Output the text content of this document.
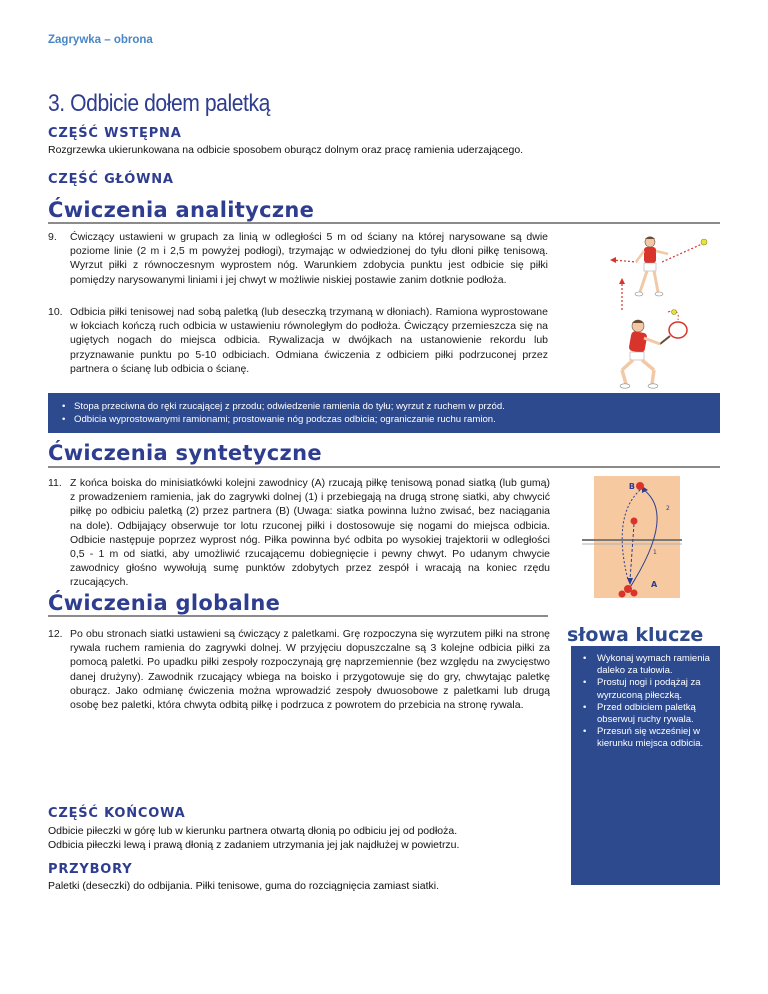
Zagrywka – obrona
3. Odbicie dołem paletką
CZĘŚĆ WSTĘPNA
Rozgrzewka ukierunkowana na odbicie sposobem oburącz dolnym oraz pracę ramienia uderzającego.
CZĘŚĆ GŁÓWNA
Ćwiczenia analityczne
9. Ćwiczący ustawieni w grupach za linią w odległości 5 m od ściany na której narysowane są dwie poziome linie (2 m i 2,5 m powyżej podłogi), trzymając w odwiedzionej do tyłu dłoni piłkę tenisową. Wyrzut piłki z równoczesnym wyprostem nóg. Warunkiem zdobycia punktu jest odbicie się piłki pomiędzy narysowanymi liniami i jej chwyt w możliwie niskiej postawie zanim dotknie podłoża.
10. Odbicia piłki tenisowej nad sobą paletką (lub deseczką trzymaną w dłoniach). Ramiona wyprostowane w łokciach kończą ruch odbicia w ustawieniu równoległym do podłoża. Ćwiczący przemieszcza się na ugiętych nogach do miejsca odbicia. Rywalizacja w dwójkach na ustanowienie rekordu lub przyznawanie punktu po 5-10 odbiciach. Odmiana ćwiczenia z odbiciem piłki podrzuconej przez partnera o ścianę lub odbicia o ścianę.
• Stopa przeciwna do ręki rzucającej z przodu; odwiedzenie ramienia do tyłu; wyrzut z ruchem w przód.
• Odbicia wyprostowanymi ramionami; prostowanie nóg podczas odbicia; ograniczanie ruchu ramion.
Ćwiczenia syntetyczne
11. Z końca boiska do minisiatkówki kolejni zawodnicy (A) rzucają piłkę tenisową ponad siatką (lub gumą) z prowadzeniem ramienia, jak do zagrywki dolnej (1) i przebiegają na drugą stronę siatki, aby chwycić piłkę po odbiciu paletką (2) przez partnera (B) (Uwaga: siatka powinna lużno zwisać, bez naciągania na dole). Odbijający obserwuje tor lotu rzuconej piłki i dostosowuje się nogami do miejsca odbicia. Odbicie następuje poprzez wyprost nóg. Piłka powinna być odbita po wysokiej trajektorii w odległości 0,5 - 1 m od siatki, aby umożliwić rzucającemu dobiegnięcie i pewny chwyt. Po udanym chwycie zawodnicy głośno wywołują sumę punktów zdobytych przez zespół i wracają na koniec rzędu rzucających.
B
A
2
1
Ćwiczenia globalne
12. Po obu stronach siatki ustawieni są ćwiczący z paletkami. Grę rozpoczyna się wyrzutem piłki na stronę rywala ruchem ramienia do zagrywki dolnej. W przyjęciu dopuszczalne są 3 kolejne odbicia piłki za pomocą paletki. Po upadku piłki zespoły rozpoczynają grę naprzemiennie (bez względu na zwycięstwo danej drużyny). Zawodnik rzucający wbiega na boisko i przygotowuje się do gry, chwytając paletkę oburącz. Jako odmianę ćwiczenia można wprowadzić zespoły dwuosobowe z paletkami lub drugą osobę bez paletki, która chwyta odbitą piłkę i podrzuca z powrotem do przebicia na stronę rywala.
słowa klucze
• Wykonaj wymach ramienia daleko za tułowia.
• Prostuj nogi i podążaj za wyrzuconą piłeczką.
• Przed odbiciem paletką obserwuj ruchy rywala.
• Przesuń się wcześniej w kierunku miejsca odbicia.
CZĘŚĆ KOŃCOWA
Odbicie piłeczki w górę lub w kierunku partnera otwartą dłonią po odbiciu jej od podłoża.
Odbicia piłeczki lewą i prawą dłonią z zadaniem utrzymania jej jak najdłużej w powietrzu.
PRZYBORY
Paletki (deseczki) do odbijania. Piłki tenisowe, guma do rozciągnięcia zamiast siatki.
